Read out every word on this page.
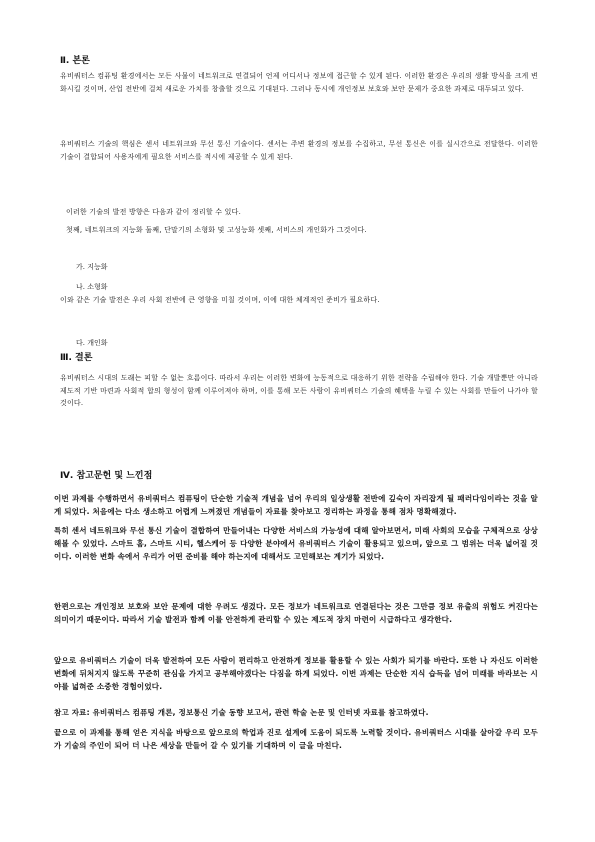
Ⅱ. 본론
유비쿼터스 컴퓨팅 환경에서는 모든 사물이 네트워크로 연결되어 언제 어디서나 정보에 접근할 수 있게 된다. 이러한 환경은 우리의 생활 방식을 크게 변화시킬 것이며, 산업 전반에 걸쳐 새로운 가치를 창출할 것으로 기대된다. 그러나 동시에 개인정보 보호와 보안 문제가 중요한 과제로 대두되고 있다.
유비쿼터스 기술의 핵심은 센서 네트워크와 무선 통신 기술이다. 센서는 주변 환경의 정보를 수집하고, 무선 통신은 이를 실시간으로 전달한다. 이러한 기술이 결합되어 사용자에게 필요한 서비스를 적시에 제공할 수 있게 된다.
이러한 기술의 발전 방향은 다음과 같이 정리할 수 있다.
첫째, 네트워크의 지능화 둘째, 단말기의 소형화 및 고성능화 셋째, 서비스의 개인화가 그것이다.
가. 지능화
나. 소형화
이와 같은 기술 발전은 우리 사회 전반에 큰 영향을 미칠 것이며, 이에 대한 체계적인 준비가 필요하다.
다. 개인화
Ⅲ. 결론
유비쿼터스 시대의 도래는 피할 수 없는 흐름이다. 따라서 우리는 이러한 변화에 능동적으로 대응하기 위한 전략을 수립해야 한다. 기술 개발뿐만 아니라 제도적 기반 마련과 사회적 합의 형성이 함께 이루어져야 하며, 이를 통해 모든 사람이 유비쿼터스 기술의 혜택을 누릴 수 있는 사회를 만들어 나가야 할 것이다.
Ⅳ. 참고문헌 및 느낀점
이번 과제를 수행하면서 유비쿼터스 컴퓨팅이 단순한 기술적 개념을 넘어 우리의 일상생활 전반에 깊숙이 자리잡게 될 패러다임이라는 것을 알게 되었다. 처음에는 다소 생소하고 어렵게 느껴졌던 개념들이 자료를 찾아보고 정리하는 과정을 통해 점차 명확해졌다.
특히 센서 네트워크와 무선 통신 기술이 결합하여 만들어내는 다양한 서비스의 가능성에 대해 알아보면서, 미래 사회의 모습을 구체적으로 상상해볼 수 있었다. 스마트 홈, 스마트 시티, 헬스케어 등 다양한 분야에서 유비쿼터스 기술이 활용되고 있으며, 앞으로 그 범위는 더욱 넓어질 것이다. 이러한 변화 속에서 우리가 어떤 준비를 해야 하는지에 대해서도 고민해보는 계기가 되었다.
한편으로는 개인정보 보호와 보안 문제에 대한 우려도 생겼다. 모든 정보가 네트워크로 연결된다는 것은 그만큼 정보 유출의 위험도 커진다는 의미이기 때문이다. 따라서 기술 발전과 함께 이를 안전하게 관리할 수 있는 제도적 장치 마련이 시급하다고 생각한다.
앞으로 유비쿼터스 기술이 더욱 발전하여 모든 사람이 편리하고 안전하게 정보를 활용할 수 있는 사회가 되기를 바란다. 또한 나 자신도 이러한 변화에 뒤처지지 않도록 꾸준히 관심을 가지고 공부해야겠다는 다짐을 하게 되었다. 이번 과제는 단순한 지식 습득을 넘어 미래를 바라보는 시야를 넓혀준 소중한 경험이었다.
참고 자료: 유비쿼터스 컴퓨팅 개론, 정보통신 기술 동향 보고서, 관련 학술 논문 및 인터넷 자료를 참고하였다.
끝으로 이 과제를 통해 얻은 지식을 바탕으로 앞으로의 학업과 진로 설계에 도움이 되도록 노력할 것이다. 유비쿼터스 시대를 살아갈 우리 모두가 기술의 주인이 되어 더 나은 세상을 만들어 갈 수 있기를 기대하며 이 글을 마친다.
